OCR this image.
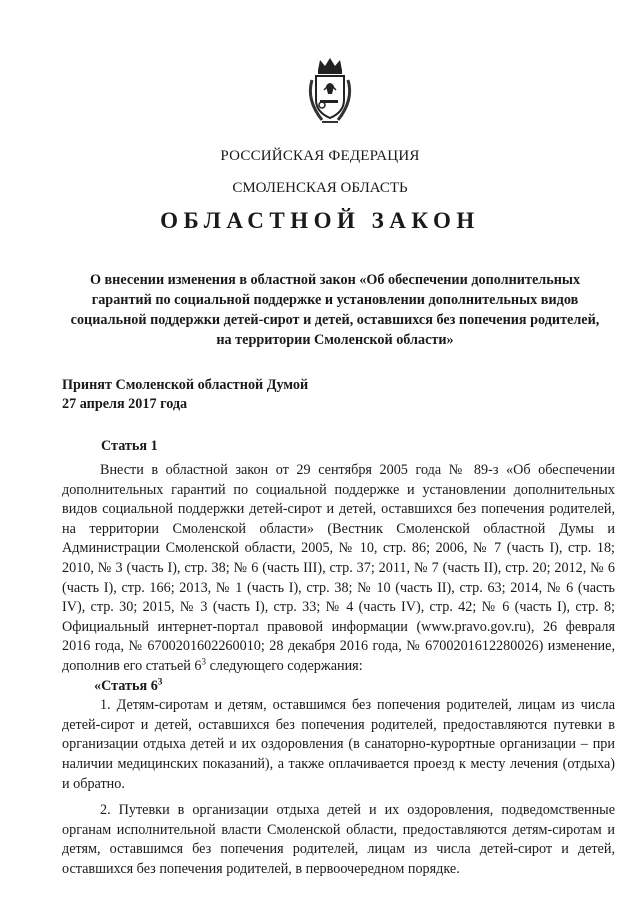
РОССИЙСКАЯ ФЕДЕРАЦИЯ
СМОЛЕНСКАЯ ОБЛАСТЬ
ОБЛАСТНОЙ ЗАКОН
О внесении изменения в областной закон «Об обеспечении дополнительных гарантий по социальной поддержке и установлении дополнительных видов социальной поддержки детей-сирот и детей, оставшихся без попечения родителей, на территории Смоленской области»
Принят Смоленской областной Думой
27 апреля 2017 года
Статья 1

Внести в областной закон от 29 сентября 2005 года № 89-з «Об обеспечении дополнительных гарантий по социальной поддержке и установлении дополнительных видов социальной поддержки детей-сирот и детей, оставшихся без попечения родителей, на территории Смоленской области» (Вестник Смоленской областной Думы и Администрации Смоленской области, 2005, № 10, стр. 86; 2006, № 7 (часть I), стр. 18; 2010, № 3 (часть I), стр. 38; № 6 (часть III), стр. 37; 2011, № 7 (часть II), стр. 20; 2012, № 6 (часть I), стр. 166; 2013, № 1 (часть I), стр. 38; № 10 (часть II), стр. 63; 2014, № 6 (часть IV), стр. 30; 2015, № 3 (часть I), стр. 33; № 4 (часть IV), стр. 42; № 6 (часть I), стр. 8; Официальный интернет-портал правовой информации (www.pravo.gov.ru), 26 февраля 2016 года, № 6700201602260010; 28 декабря 2016 года, № 6700201612280026) изменение, дополнив его статьей $6^3$ следующего содержания:

«Статья $6^3$

1. Детям-сиротам и детям, оставшимся без попечения родителей, лицам из числа детей-сирот и детей, оставшихся без попечения родителей, предоставляются путевки в организации отдыха детей и их оздоровления (в санаторно-курортные организации – при наличии медицинских показаний), а также оплачивается проезд к месту лечения (отдыха) и обратно.

2. Путевки в организации отдыха детей и их оздоровления, подведомственные органам исполнительной власти Смоленской области, предоставляются детям-сиротам и детям, оставшимся без попечения родителей, лицам из числа детей-сирот и детей, оставшихся без попечения родителей, в первоочередном порядке.
